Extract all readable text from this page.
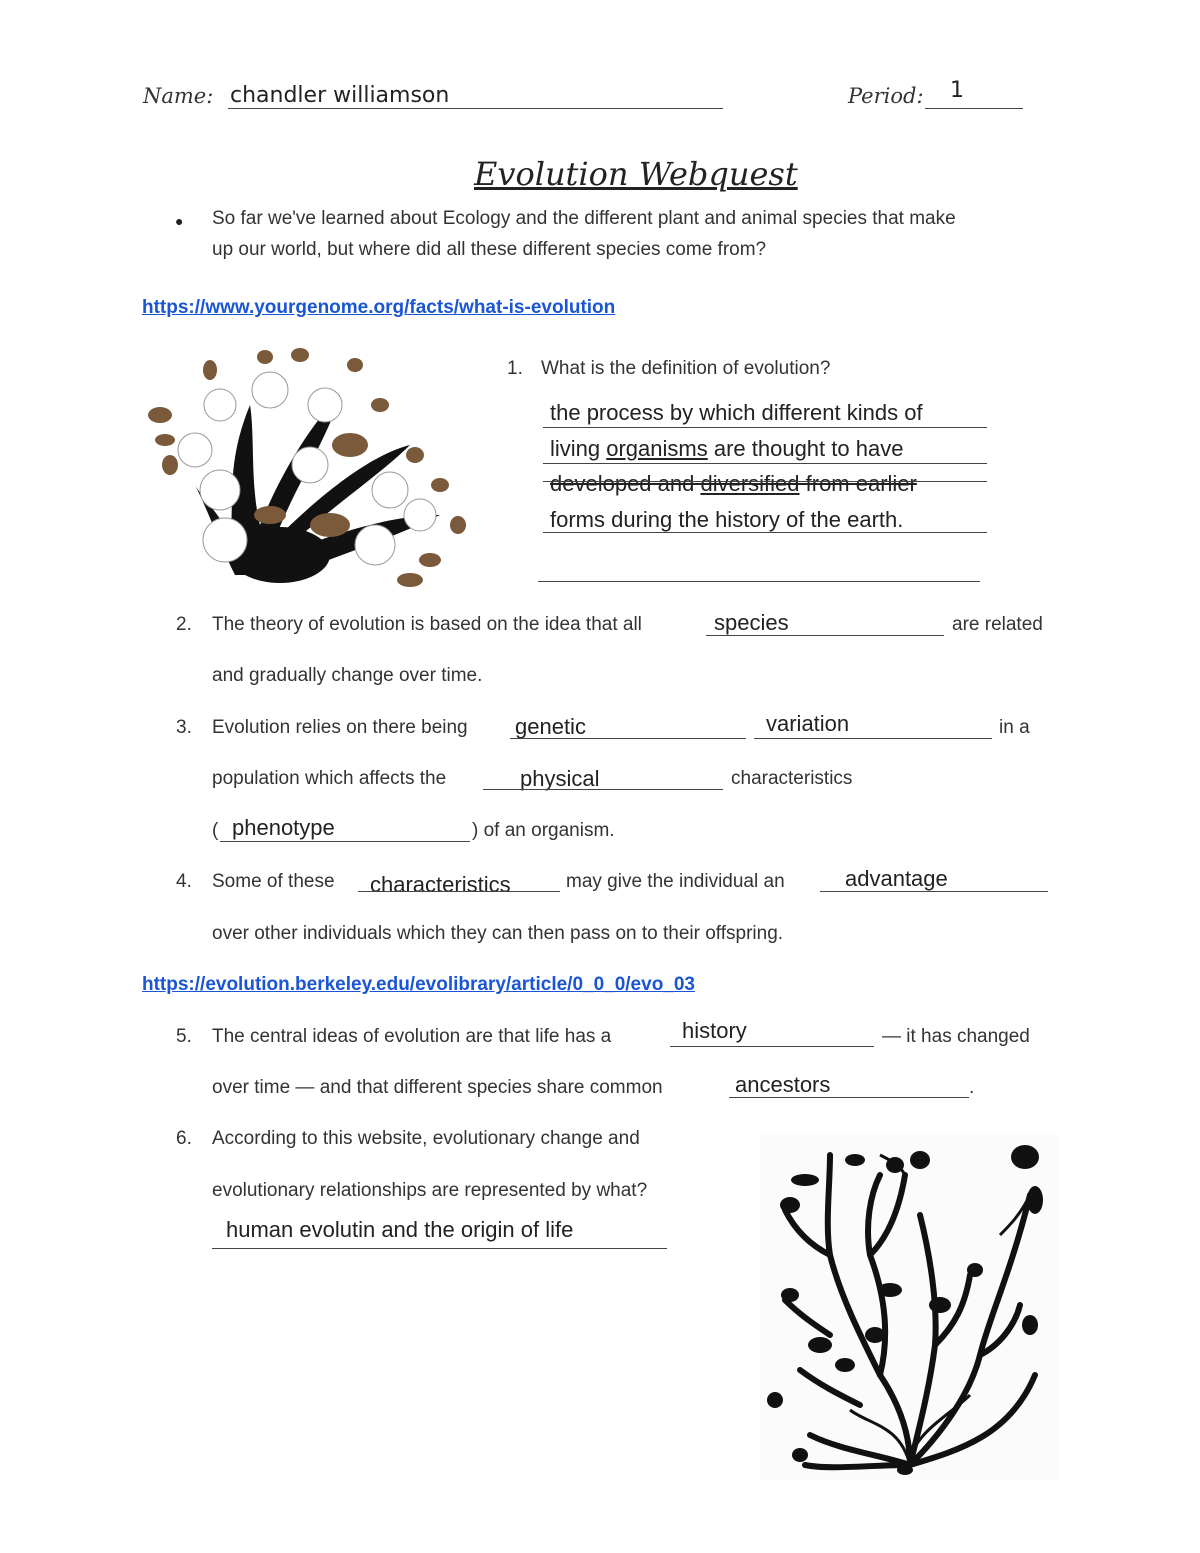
Name: chandler williamson	Period: 1
Evolution Webquest
● So far we've learned about Ecology and the different plant and animal species that make
up our world, but where did all these different species come from?
https://www.yourgenome.org/facts/what-is-evolution
1. What is the definition of evolution?
the process by which different kinds of
living organisms are thought to have
developed and diversified from earlier
forms during the history of the earth.
2. The theory of evolution is based on the idea that all	species	are related
and gradually change over time.
3. Evolution relies on there being genetic	variation	in a
population which affects the	physical	characteristics
( phenotype	) of an organism.
4. Some of these characteristics	may give the individual an	advantage
over other individuals which they can then pass on to their offspring.
https://evolution.berkeley.edu/evolibrary/article/0_0_0/evo_03
5. The central ideas of evolution are that life has a	history	— it has changed
over time — and that different species share common	ancestors	.
6. According to this website, evolutionary change and
evolutionary relationships are represented by what?
human evolutin and the origin of life
